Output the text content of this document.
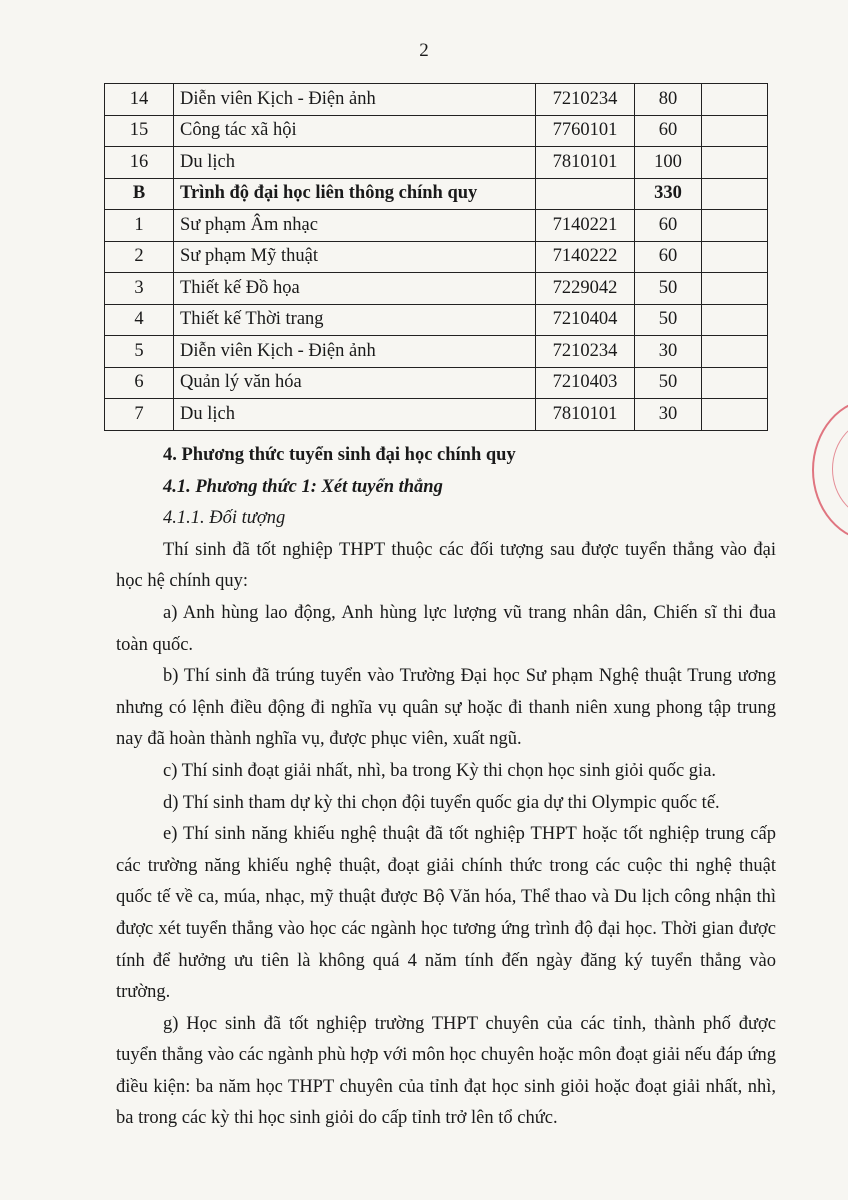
2
14	Diễn viên Kịch - Điện ảnh	7210234	80	
15	Công tác xã hội	7760101	60	
16	Du lịch	7810101	100	
B	Trình độ đại học liên thông chính quy		330	
1	Sư phạm Âm nhạc	7140221	60	
2	Sư phạm Mỹ thuật	7140222	60	
3	Thiết kế Đồ họa	7229042	50	
4	Thiết kế Thời trang	7210404	50	
5	Diễn viên Kịch - Điện ảnh	7210234	30	
6	Quản lý văn hóa	7210403	50	
7	Du lịch	7810101	30	

4. Phương thức tuyển sinh đại học chính quy

4.1. Phương thức 1: Xét tuyển thẳng

4.1.1. Đối tượng

Thí sinh đã tốt nghiệp THPT thuộc các đối tượng sau được tuyển thẳng vào đại học hệ chính quy:

a) Anh hùng lao động, Anh hùng lực lượng vũ trang nhân dân, Chiến sĩ thi đua toàn quốc.

b) Thí sinh đã trúng tuyển vào Trường Đại học Sư phạm Nghệ thuật Trung ương nhưng có lệnh điều động đi nghĩa vụ quân sự hoặc đi thanh niên xung phong tập trung nay đã hoàn thành nghĩa vụ, được phục viên, xuất ngũ.

c) Thí sinh đoạt giải nhất, nhì, ba trong Kỳ thi chọn học sinh giỏi quốc gia.

d) Thí sinh tham dự kỳ thi chọn đội tuyển quốc gia dự thi Olympic quốc tế.

e) Thí sinh năng khiếu nghệ thuật đã tốt nghiệp THPT hoặc tốt nghiệp trung cấp các trường năng khiếu nghệ thuật, đoạt giải chính thức trong các cuộc thi nghệ thuật quốc tế về ca, múa, nhạc, mỹ thuật được Bộ Văn hóa, Thể thao và Du lịch công nhận thì được xét tuyển thẳng vào học các ngành học tương ứng trình độ đại học. Thời gian được tính để hưởng ưu tiên là không quá 4 năm tính đến ngày đăng ký tuyển thẳng vào trường.

g) Học sinh đã tốt nghiệp trường THPT chuyên của các tỉnh, thành phố được tuyển thẳng vào các ngành phù hợp với môn học chuyên hoặc môn đoạt giải nếu đáp ứng điều kiện: ba năm học THPT chuyên của tỉnh đạt học sinh giỏi hoặc đoạt giải nhất, nhì, ba trong các kỳ thi học sinh giỏi do cấp tỉnh trở lên tổ chức.
